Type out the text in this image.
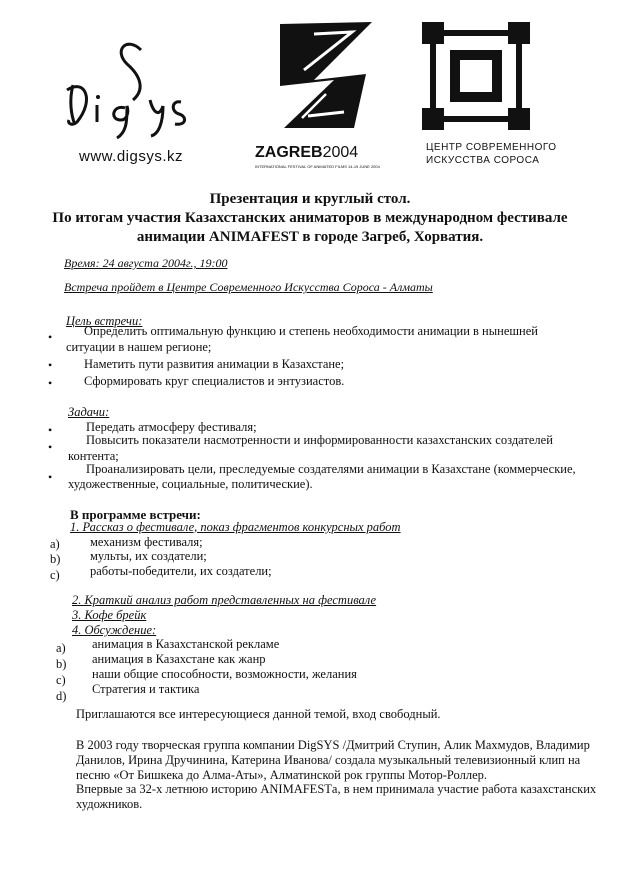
www.digsys.kz	ZAGREB2004
INTERNATIONAL FESTIVAL OF ANIMATED FILMS 14-19 JUNE 2004
ЦЕНТР СОВРЕМЕННОГО
ИСКУССТВА СОРОСА
Презентация и круглый стол.
По итогам участия Казахстанских аниматоров в международном фестивале
анимации ANIMAFEST в городе Загреб, Хорватия.
Время: 24 августа 2004г., 19:00
Встреча пройдет в Центре Современного Искусства Сороса - Алматы
Цель встречи:
•	Определить оптимальную функцию и степень необходимости анимации в нынешней
ситуации в нашем регионе;
•	Наметить пути развития анимации в Казахстане;
•	Сформировать круг специалистов и энтузиастов.
Задачи:
•	Передать атмосферу фестиваля;
•	Повысить показатели насмотренности и информированности казахстанских создателей
контента;
•
Проанализировать цели, преследуемые создателями анимации в Казахстане (коммерческие,
художественные, социальные, политические).
В программе встречи:
1. Рассказ о фестивале, показ фрагментов конкурсных работ
a) механизм фестиваля;
b) мульты, их создатели;
c) работы-победители, их создатели;
2. Краткий анализ работ представленных на фестивале
3. Кофе брейк
4. Обсуждение:
a) анимация в Казахстанской рекламе
b) анимация в Казахстане как жанр
c) наши общие способности, возможности, желания
d) Стратегия и тактика
Приглашаются все интересующиеся данной темой, вход свободный.
В 2003 году творческая группа компании DigSYS /Дмитрий Ступин, Алик Махмудов, Владимир
Данилов, Ирина Дручинина, Катерина Иванова/ создала музыкальный телевизионный клип на
песню «От Бишкека до Алма-Аты», Алматинской рок группы Мотор-Роллер.
Впервые за 32-х летнюю историю ANIMAFESTа, в нем принимала участие работа казахстанских
художников.
